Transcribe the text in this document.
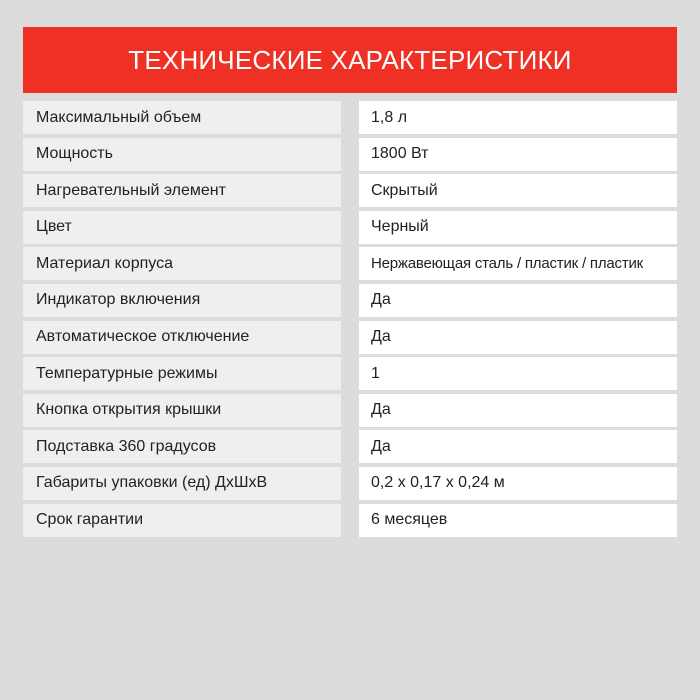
ТЕХНИЧЕСКИЕ ХАРАКТЕРИСТИКИ
Максимальный объем	1,8 л
Мощность	1800 Вт
Нагревательный элемент	Скрытый
Цвет	Черный
Материал корпуса	Нержавеющая сталь / пластик / пластик
Индикатор включения	Да
Автоматическое отключение	Да
Температурные режимы	1
Кнопка открытия крышки	Да
Подставка 360 градусов	Да
Габариты упаковки (ед) ДхШхВ	0,2 х 0,17 х 0,24 м
Срок гарантии	6 месяцев
